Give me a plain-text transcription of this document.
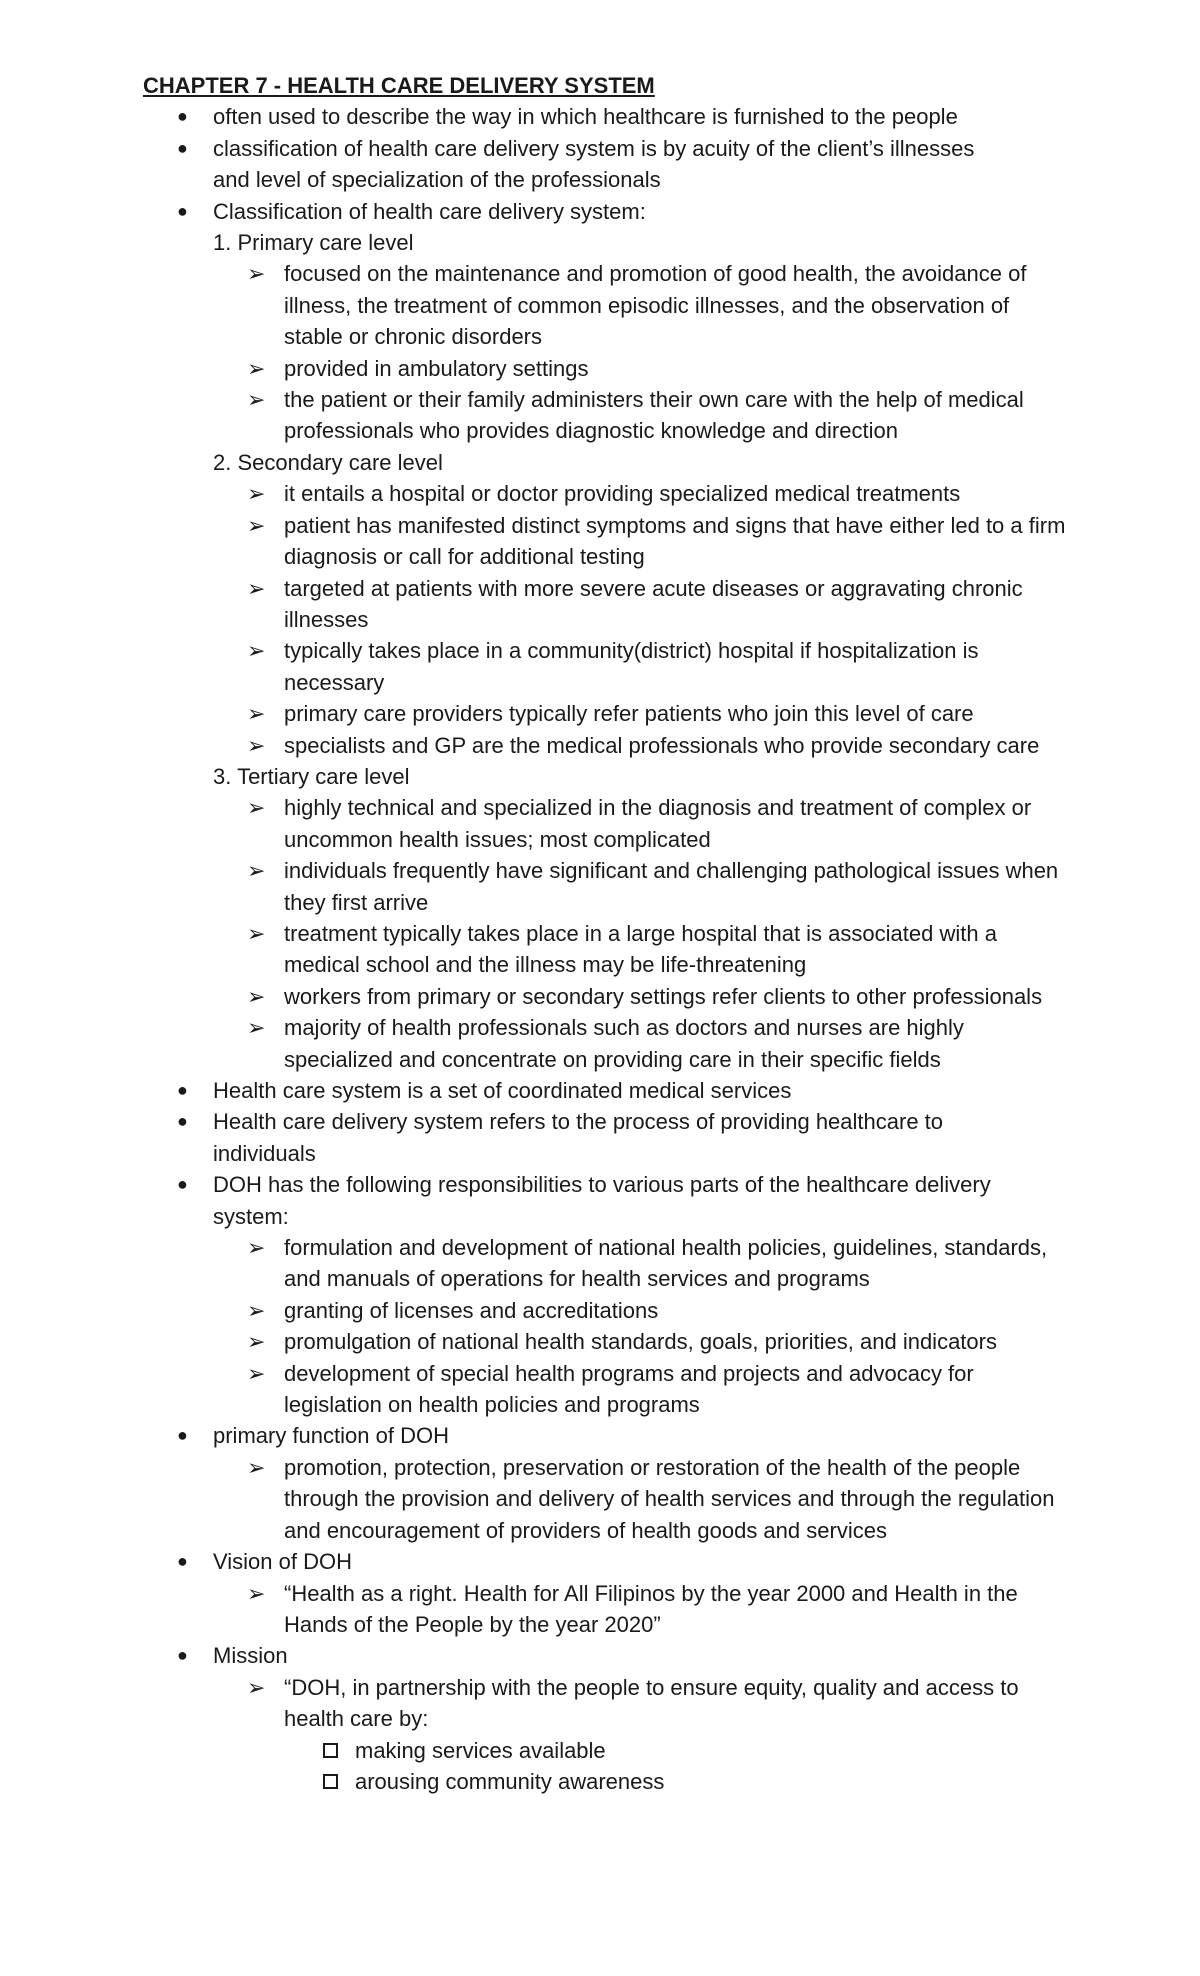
CHAPTER 7 - HEALTH CARE DELIVERY SYSTEM
● often used to describe the way in which healthcare is furnished to the people
● classification of health care delivery system is by acuity of the client’s illnesses and level of specialization of the professionals
● Classification of health care delivery system:
1. Primary care level
➢ focused on the maintenance and promotion of good health, the avoidance of illness, the treatment of common episodic illnesses, and the observation of stable or chronic disorders
➢ provided in ambulatory settings
➢ the patient or their family administers their own care with the help of medical professionals who provides diagnostic knowledge and direction
2. Secondary care level
➢ it entails a hospital or doctor providing specialized medical treatments
➢ patient has manifested distinct symptoms and signs that have either led to a firm diagnosis or call for additional testing
➢ targeted at patients with more severe acute diseases or aggravating chronic illnesses
➢ typically takes place in a community(district) hospital if hospitalization is necessary
➢ primary care providers typically refer patients who join this level of care
➢ specialists and GP are the medical professionals who provide secondary care
3. Tertiary care level
➢ highly technical and specialized in the diagnosis and treatment of complex or uncommon health issues; most complicated
➢ individuals frequently have significant and challenging pathological issues when they first arrive
➢ treatment typically takes place in a large hospital that is associated with a medical school and the illness may be life-threatening
➢ workers from primary or secondary settings refer clients to other professionals
➢ majority of health professionals such as doctors and nurses are highly specialized and concentrate on providing care in their specific fields
● Health care system is a set of coordinated medical services
● Health care delivery system refers to the process of providing healthcare to individuals
● DOH has the following responsibilities to various parts of the healthcare delivery system:
➢ formulation and development of national health policies, guidelines, standards, and manuals of operations for health services and programs
➢ granting of licenses and accreditations
➢ promulgation of national health standards, goals, priorities, and indicators
➢ development of special health programs and projects and advocacy for legislation on health policies and programs
● primary function of DOH
➢ promotion, protection, preservation or restoration of the health of the people through the provision and delivery of health services and through the regulation and encouragement of providers of health goods and services
● Vision of DOH
➢ “Health as a right. Health for All Filipinos by the year 2000 and Health in the Hands of the People by the year 2020”
● Mission
➢ “DOH, in partnership with the people to ensure equity, quality and access to health care by:
making services available
arousing community awareness
